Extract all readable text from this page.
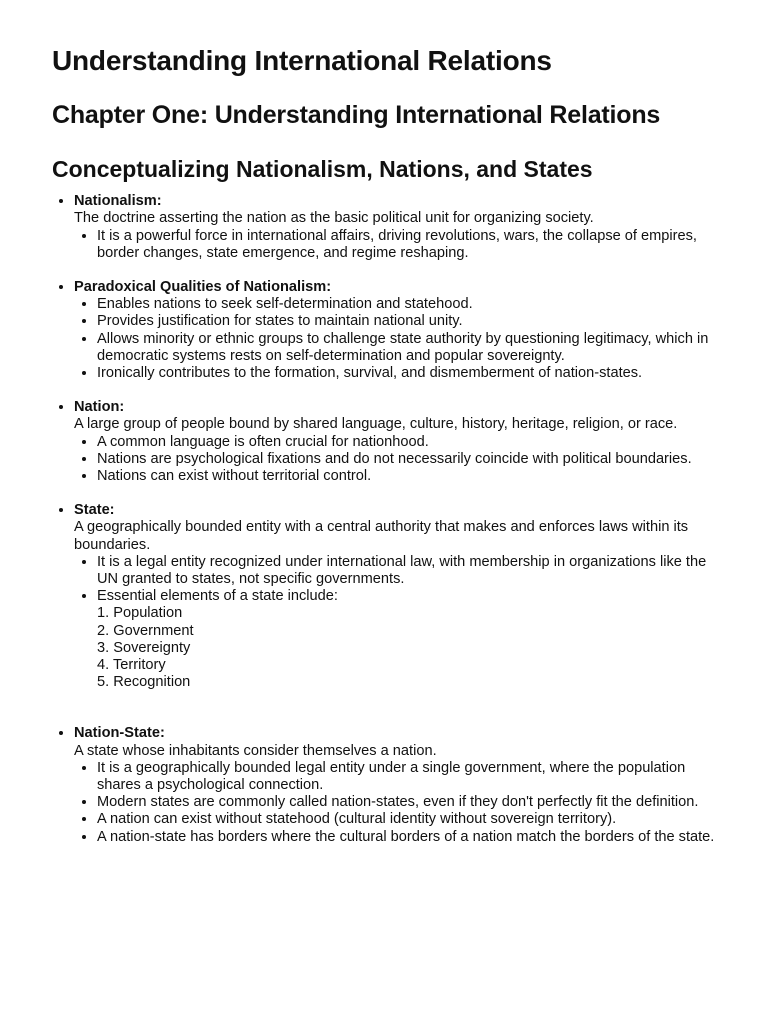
Understanding International Relations
Chapter One: Understanding International Relations
Conceptualizing Nationalism, Nations, and States
• Nationalism:
The doctrine asserting the nation as the basic political unit for organizing society.
• It is a powerful force in international affairs, driving revolutions, wars, the collapse of empires, border changes, state emergence, and regime reshaping.
• Paradoxical Qualities of Nationalism:
• Enables nations to seek self-determination and statehood.
• Provides justification for states to maintain national unity.
• Allows minority or ethnic groups to challenge state authority by questioning legitimacy, which in democratic systems rests on self-determination and popular sovereignty.
• Ironically contributes to the formation, survival, and dismemberment of nation-states.
• Nation:
A large group of people bound by shared language, culture, history, heritage, religion, or race.
• A common language is often crucial for nationhood.
• Nations are psychological fixations and do not necessarily coincide with political boundaries.
• Nations can exist without territorial control.
• State:
A geographically bounded entity with a central authority that makes and enforces laws within its boundaries.
• It is a legal entity recognized under international law, with membership in organizations like the UN granted to states, not specific governments.
• Essential elements of a state include:
1. Population
2. Government
3. Sovereignty
4. Territory
5. Recognition
• Nation-State:
A state whose inhabitants consider themselves a nation.
• It is a geographically bounded legal entity under a single government, where the population shares a psychological connection.
• Modern states are commonly called nation-states, even if they don't perfectly fit the definition.
• A nation can exist without statehood (cultural identity without sovereign territory).
• A nation-state has borders where the cultural borders of a nation match the borders of the state.
